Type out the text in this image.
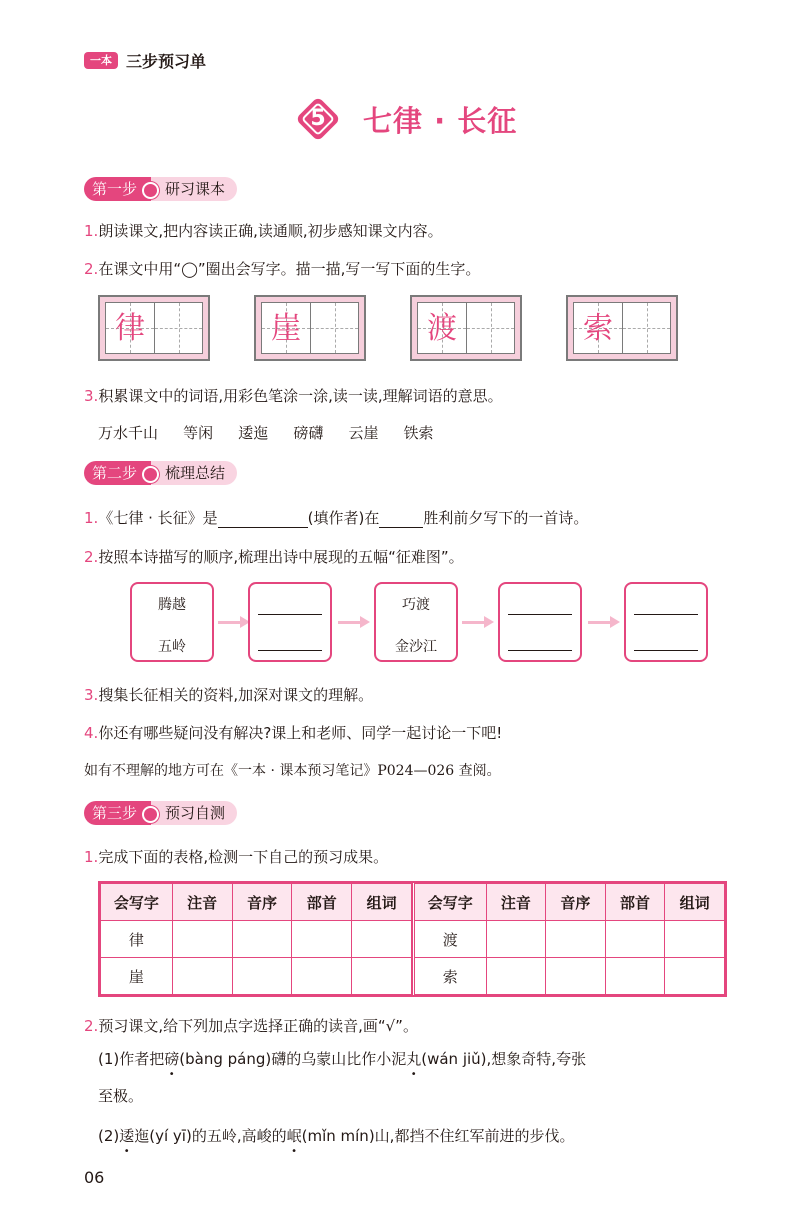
一本 三步预习单
5	七律 · 长征
第一步	研习课本
1.朗读课文,把内容读正确,读通顺,初步感知课文内容。
2.在课文中用“◯”圈出会写字。描一描,写一写下面的生字。
律	崖	渡	索
3.积累课文中的词语,用彩色笔涂一涂,读一读,理解词语的意思。
万水千山 等闲 逶迤 磅礴 云崖 铁索
第二步	梳理总结
1.《七律 · 长征》是	(填作者)在	胜利前夕写下的一首诗。
2.按照本诗描写的顺序,梳理出诗中展现的五幅“征难图”。
腾越
五岭
巧渡
金沙江
3.搜集长征相关的资料,加深对课文的理解。
4.你还有哪些疑问没有解决?课上和老师、同学一起讨论一下吧!
如有不理解的地方可在《一本 · 课本预习笔记》P024—026 查阅。
第三步	预习自测
1.完成下面的表格,检测一下自己的预习成果。
会写字	注音	音序	部首	组词
律				
崖				
会写字	注音	音序	部首	组词
渡				
索				
2.预习课文,给下列加点字选择正确的读音,画“√”。
(1)作者把磅(bàng páng)礴的乌蒙山比作小泥丸(wán jiǔ),想象奇特,夸张
至极。
(2)逶迤(yí yī)的五岭,高峻的岷(mǐn mín)山,都挡不住红军前进的步伐。
06
